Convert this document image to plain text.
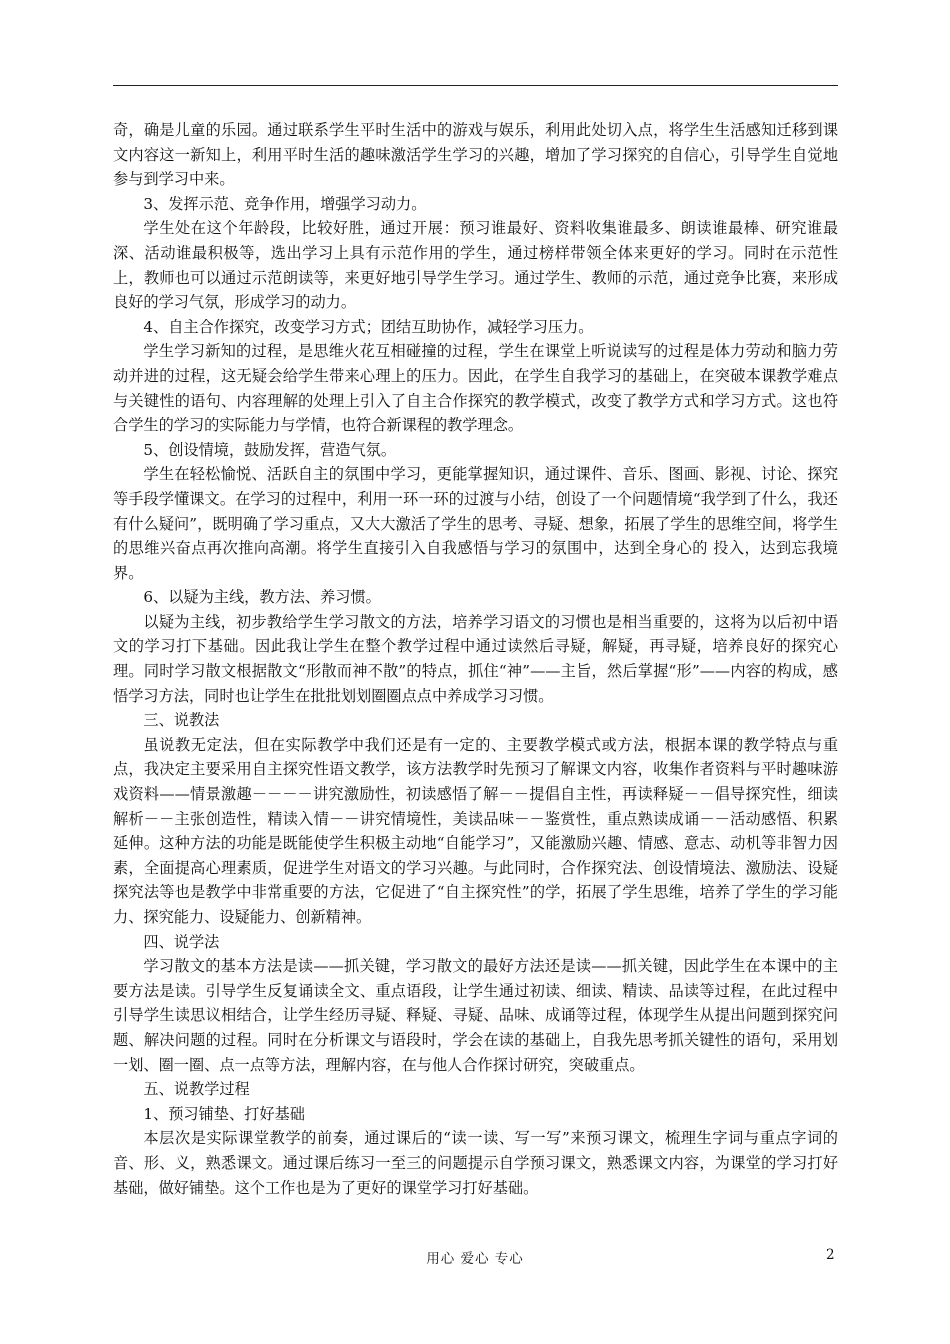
奇，确是儿童的乐园。通过联系学生平时生活中的游戏与娱乐，利用此处切入点，将学生生活感知迁移到课文内容这一新知上，利用平时生活的趣味激活学生学习的兴趣，增加了学习探究的自信心，引导学生自觉地参与到学习中来。

3、发挥示范、竞争作用，增强学习动力。

学生处在这个年龄段，比较好胜，通过开展：预习谁最好、资料收集谁最多、朗读谁最棒、研究谁最深、活动谁最积极等，选出学习上具有示范作用的学生，通过榜样带领全体来更好的学习。同时在示范性上，教师也可以通过示范朗读等，来更好地引导学生学习。通过学生、教师的示范，通过竞争比赛，来形成良好的学习气氛，形成学习的动力。

4、自主合作探究，改变学习方式；团结互助协作，减轻学习压力。

学生学习新知的过程，是思维火花互相碰撞的过程，学生在课堂上听说读写的过程是体力劳动和脑力劳动并进的过程，这无疑会给学生带来心理上的压力。因此，在学生自我学习的基础上，在突破本课教学难点与关键性的语句、内容理解的处理上引入了自主合作探究的教学模式，改变了教学方式和学习方式。这也符合学生的学习的实际能力与学情，也符合新课程的教学理念。

5、创设情境，鼓励发挥，营造气氛。

学生在轻松愉悦、活跃自主的氛围中学习，更能掌握知识，通过课件、音乐、图画、影视、讨论、探究等手段学懂课文。在学习的过程中，利用一环一环的过渡与小结，创设了一个问题情境“我学到了什么，我还有什么疑问”，既明确了学习重点，又大大激活了学生的思考、寻疑、想象，拓展了学生的思维空间，将学生的思维兴奋点再次推向高潮。将学生直接引入自我感悟与学习的氛围中，达到全身心的 投入，达到忘我境界。

6、以疑为主线，教方法、养习惯。

以疑为主线，初步教给学生学习散文的方法，培养学习语文的习惯也是相当重要的，这将为以后初中语文的学习打下基础。因此我让学生在整个教学过程中通过读然后寻疑，解疑，再寻疑，培养良好的探究心理。同时学习散文根据散文“形散而神不散”的特点，抓住“神”——主旨，然后掌握“形”——内容的构成，感悟学习方法，同时也让学生在批批划划圈圈点点中养成学习习惯。

三、说教法

虽说教无定法，但在实际教学中我们还是有一定的、主要教学模式或方法，根据本课的教学特点与重点，我决定主要采用自主探究性语文教学，该方法教学时先预习了解课文内容，收集作者资料与平时趣味游戏资料——情景激趣－－－－讲究激励性，初读感悟了解－－提倡自主性，再读释疑－－倡导探究性，细读解析－－主张创造性，精读入情－－讲究情境性，美读品味－－鉴赏性，重点熟读成诵－－活动感悟、积累延伸。这种方法的功能是既能使学生积极主动地“自能学习”，又能激励兴趣、情感、意志、动机等非智力因素，全面提高心理素质，促进学生对语文的学习兴趣。与此同时，合作探究法、创设情境法、激励法、设疑探究法等也是教学中非常重要的方法，它促进了“自主探究性”的学，拓展了学生思维，培养了学生的学习能力、探究能力、设疑能力、创新精神。

四、说学法

学习散文的基本方法是读——抓关键，学习散文的最好方法还是读——抓关键，因此学生在本课中的主要方法是读。引导学生反复诵读全文、重点语段，让学生通过初读、细读、精读、品读等过程，在此过程中引导学生读思议相结合，让学生经历寻疑、释疑、寻疑、品味、成诵等过程，体现学生从提出问题到探究问题、解决问题的过程。同时在分析课文与语段时，学会在读的基础上，自我先思考抓关键性的语句，采用划一划、圈一圈、点一点等方法，理解内容，在与他人合作探讨研究，突破重点。

五、说教学过程

1、预习铺垫、打好基础

本层次是实际课堂教学的前奏，通过课后的“读一读、写一写”来预习课文，梳理生字词与重点字词的音、形、义，熟悉课文。通过课后练习一至三的问题提示自学预习课文，熟悉课文内容，为课堂的学习打好基础，做好铺垫。这个工作也是为了更好的课堂学习打好基础。

用心 爱心 专心	2
